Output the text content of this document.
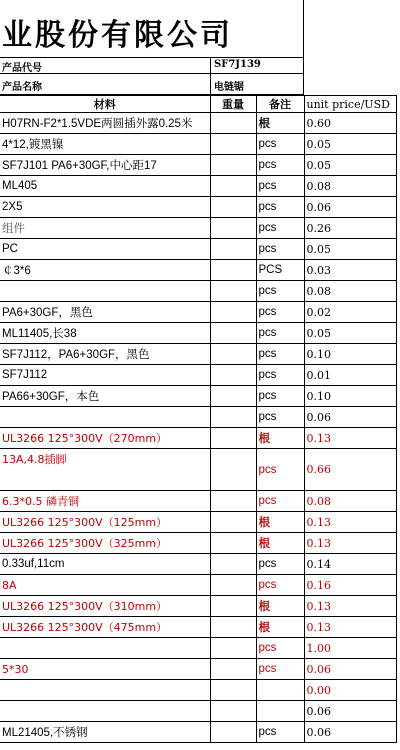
业股份有限公司
产品代号	SF7J139
产品名称	电链锯
材料	重量	备注	unit price/USD
H07RN-F2*1.5VDE两圆插外露0.25米		根	0.60
4*12,镀黑镍		pcs	0.05
SF7J101 PA6+30GF,中心距17		pcs	0.05
ML405		pcs	0.08
2X5		pcs	0.06
组件		pcs	0.26
PC		pcs	0.05
￠3*6		PCS	0.03
		pcs	0.08
PA6+30GF，黑色		pcs	0.02
ML11405,长38		pcs	0.05
SF7J112，PA6+30GF，黑色		pcs	0.10
SF7J112		pcs	0.01
PA66+30GF，本色		pcs	0.10
		pcs	0.06
UL3266 125°300V（270mm）		根	0.13
13A,4.8插脚		pcs	0.66
6.3*0.5 磷青铜		pcs	0.08
UL3266 125°300V（125mm）		根	0.13
UL3266 125°300V（325mm）		根	0.13
0.33uf,11cm		pcs	0.14
8A		pcs	0.16
UL3266 125°300V（310mm）		根	0.13
UL3266 125°300V（475mm）		根	0.13
		pcs	1.00
5*30		pcs	0.06
			0.00
			0.06
ML21405,不锈钢		pcs	0.06
